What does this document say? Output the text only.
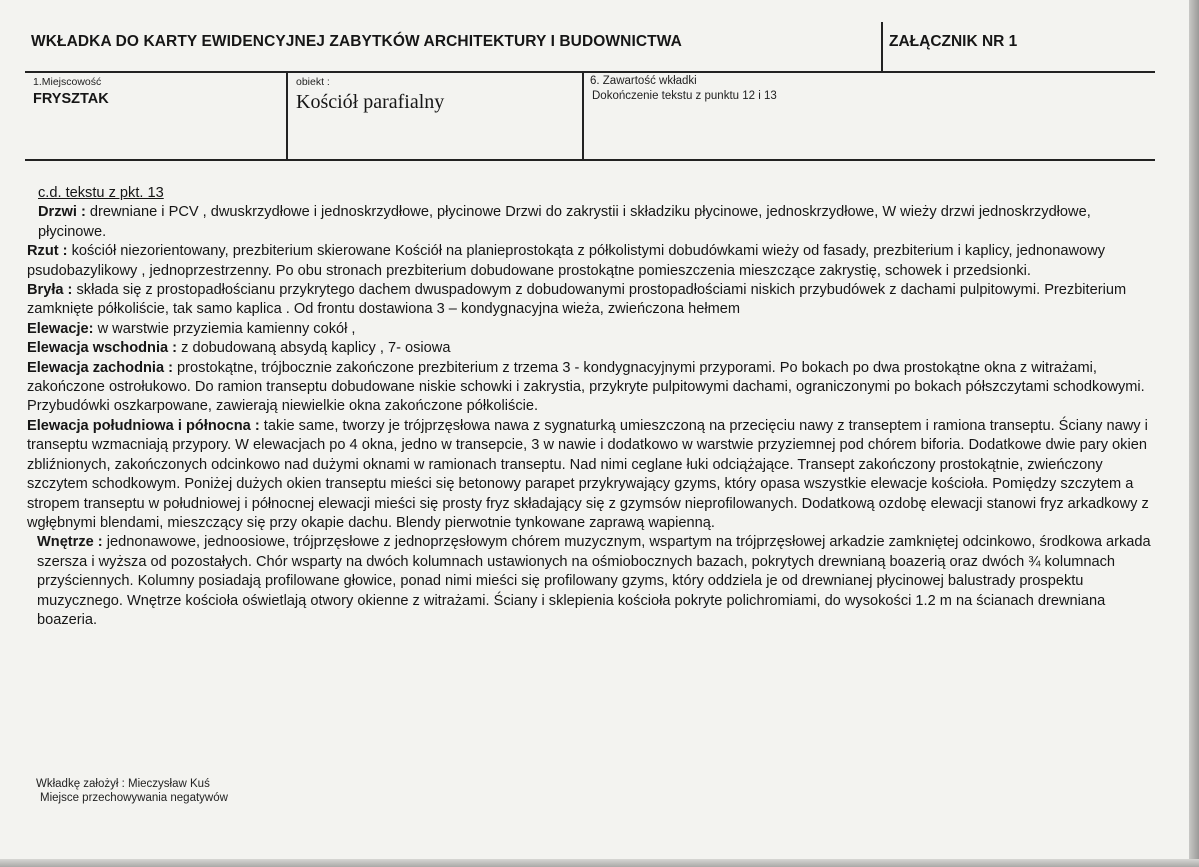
WKŁADKA DO KARTY EWIDENCYJNEJ ZABYTKÓW ARCHITEKTURY I BUDOWNICTWA	ZAŁĄCZNIK NR 1
1.Miejscowość
FRYSZTAK
obiekt :
Kościół parafialny
6. Zawartość wkładki
Dokończenie tekstu z punktu 12 i 13

c.d. tekstu z pkt. 13

Drzwi : drewniane i PCV , dwuskrzydłowe i jednoskrzydłowe, płycinowe Drzwi do zakrystii i składziku płycinowe, jednoskrzydłowe, W wieży drzwi jednoskrzydłowe, płycinowe.

Rzut : kościół niezorientowany, prezbiterium skierowane Kościół na planieprostokąta z półkolistymi dobudówkami wieży od fasady, prezbiterium i kaplicy, jednonawowy psudobazylikowy , jednoprzestrzenny. Po obu stronach prezbiterium dobudowane prostokątne pomieszczenia mieszczące zakrystię, schowek i przedsionki.

Bryła : składa się z prostopadłościanu przykrytego dachem dwuspadowym z dobudowanymi prostopadłościami niskich przybudówek z dachami pulpitowymi. Prezbiterium zamknięte półkoliście, tak samo kaplica . Od frontu dostawiona 3 – kondygnacyjna wieża, zwieńczona hełmem

Elewacje: w warstwie przyziemia kamienny cokół ,

Elewacja wschodnia : z dobudowaną absydą kaplicy , 7- osiowa

Elewacja zachodnia : prostokątne, trójbocznie zakończone prezbiterium z trzema 3 - kondygnacyjnymi przyporami. Po bokach po dwa prostokątne okna z witrażami, zakończone ostrołukowo. Do ramion transeptu dobudowane niskie schowki i zakrystia, przykryte pulpitowymi dachami, ograniczonymi po bokach półszczytami schodkowymi. Przybudówki oszkarpowane, zawierają niewielkie okna zakończone półkoliście.

Elewacja południowa i północna : takie same, tworzy je trójprzęsłowa nawa z sygnaturką umieszczoną na przecięciu nawy z transeptem i ramiona transeptu. Ściany nawy i transeptu wzmacniają przypory. W elewacjach po 4 okna, jedno w transepcie, 3 w nawie i dodatkowo w warstwie przyziemnej pod chórem biforia. Dodatkowe dwie pary okien zbliźnionych, zakończonych odcinkowo nad dużymi oknami w ramionach transeptu. Nad nimi ceglane łuki odciążające. Transept zakończony prostokątnie, zwieńczony szczytem schodkowym. Poniżej dużych okien transeptu mieści się betonowy parapet przykrywający gzyms, który opasa wszystkie elewacje kościoła. Pomiędzy szczytem a stropem transeptu w południowej i północnej elewacji mieści się prosty fryz składający się z gzymsów nieprofilowanych. Dodatkową ozdobę elewacji stanowi fryz arkadkowy z wgłębnymi blendami, mieszczący się przy okapie dachu. Blendy pierwotnie tynkowane zaprawą wapienną.

Wnętrze : jednonawowe, jednoosiowe, trójprzęsłowe z jednoprzęsłowym chórem muzycznym, wspartym na trójprzęsłowej arkadzie zamkniętej odcinkowo, środkowa arkada szersza i wyższa od pozostałych. Chór wsparty na dwóch kolumnach ustawionych na ośmiobocznych bazach, pokrytych drewnianą boazerią oraz dwóch ¾ kolumnach przyściennych. Kolumny posiadają profilowane głowice, ponad nimi mieści się profilowany gzyms, który oddziela je od drewnianej płycinowej balustrady prospektu muzycznego. Wnętrze kościoła oświetlają otwory okienne z witrażami. Ściany i sklepienia kościoła pokryte polichromiami, do wysokości 1.2 m na ścianach drewniana boazeria.

Wkładkę założył : Mieczysław Kuś
Miejsce przechowywania negatywów
